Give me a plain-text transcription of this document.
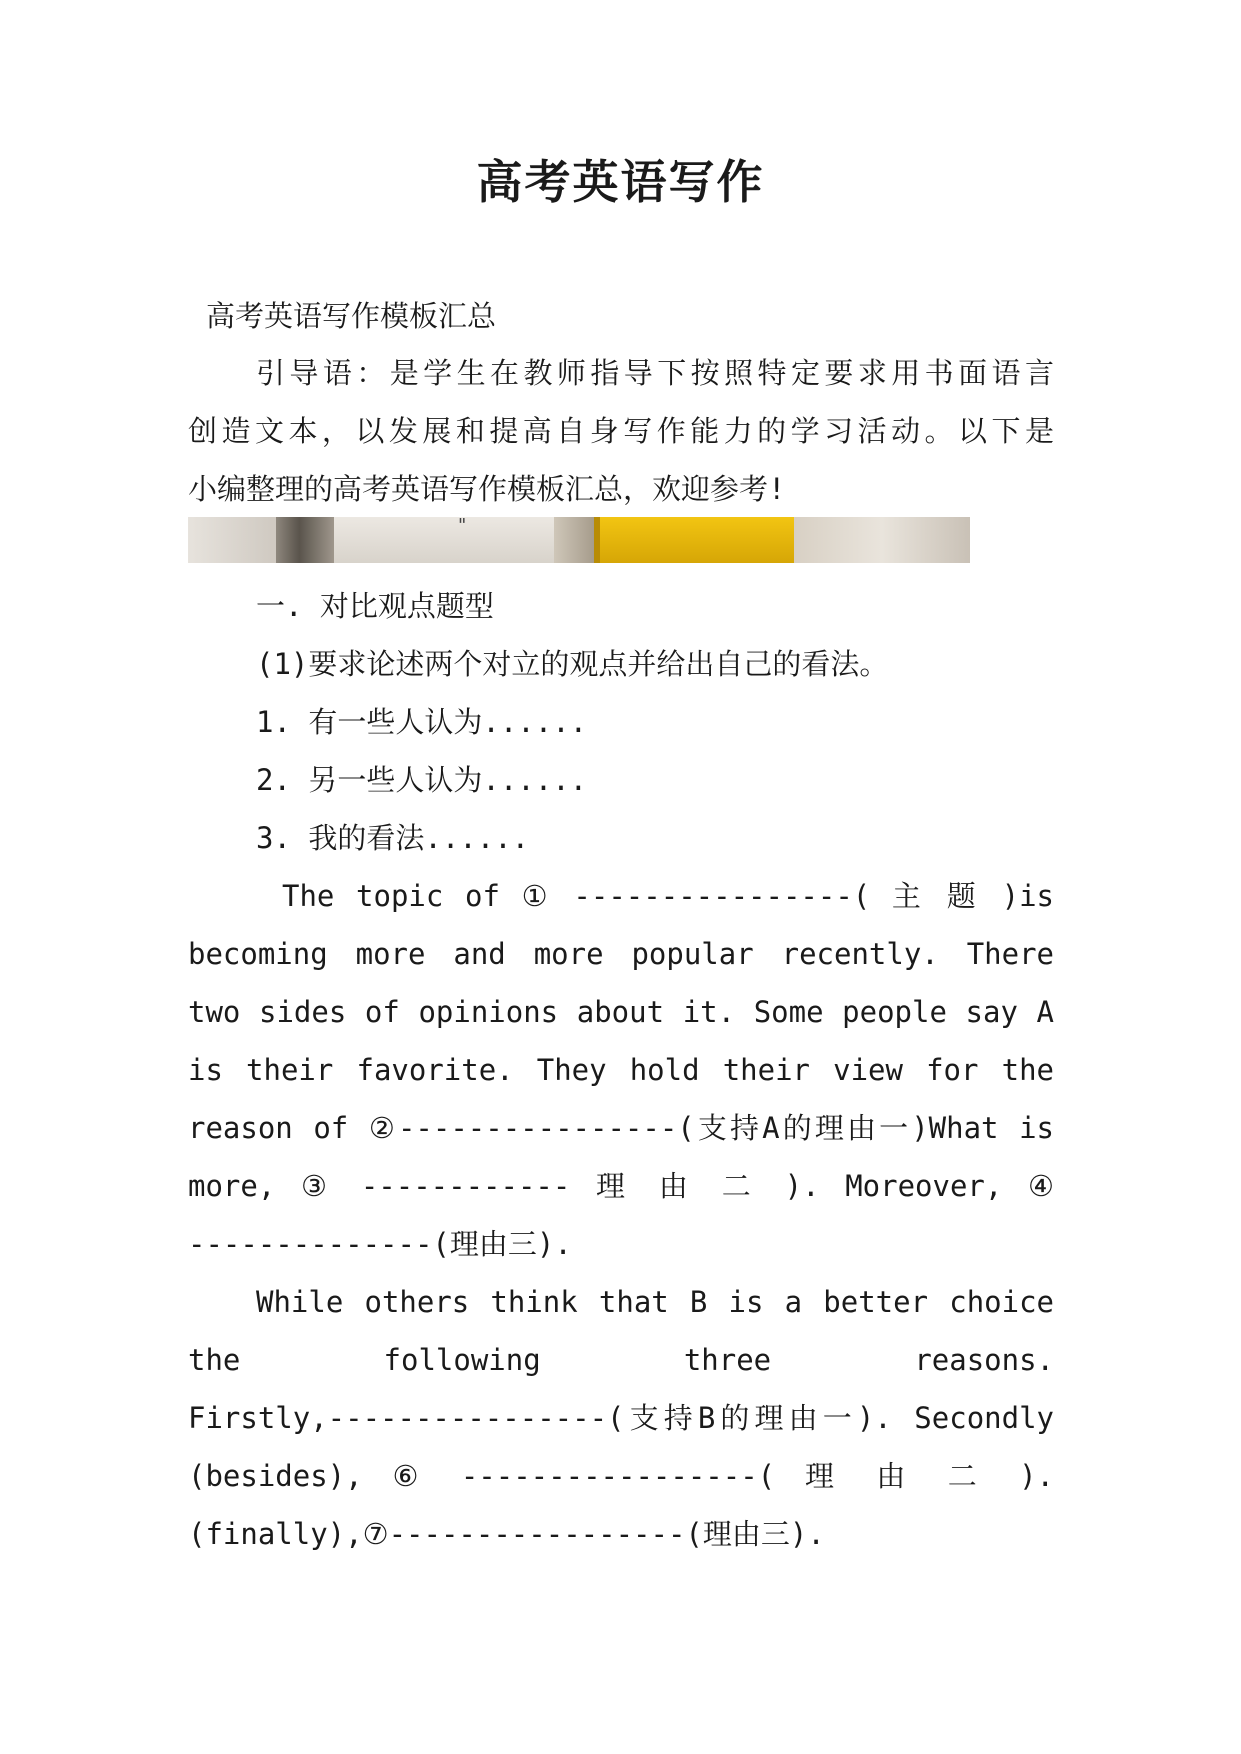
高考英语写作
高考英语写作模板汇总
引导语：是学生在教师指导下按照特定要求用书面语言
创造文本，以发展和提高自身写作能力的学习活动。以下是
小编整理的高考英语写作模板汇总，欢迎参考!
"
一. 对比观点题型
(1)要求论述两个对立的观点并给出自己的看法。
1. 有一些人认为......
2. 另一些人认为......
3. 我的看法......
The topic of ① ----------------( 主 题 )is
becoming more and more popular recently. There
two sides of opinions about it. Some people say A
is their favorite. They hold their view for the
reason of ②----------------(支持A的理由一)What is
more, ③ ------------ 理 由 二 ). Moreover, ④
--------------(理由三).
While others think that B is a better choice
the following three reasons.
Firstly,----------------(支持B的理由一). Secondly
(besides), ⑥ -----------------( 理 由 二 ).
(finally),⑦-----------------(理由三).
